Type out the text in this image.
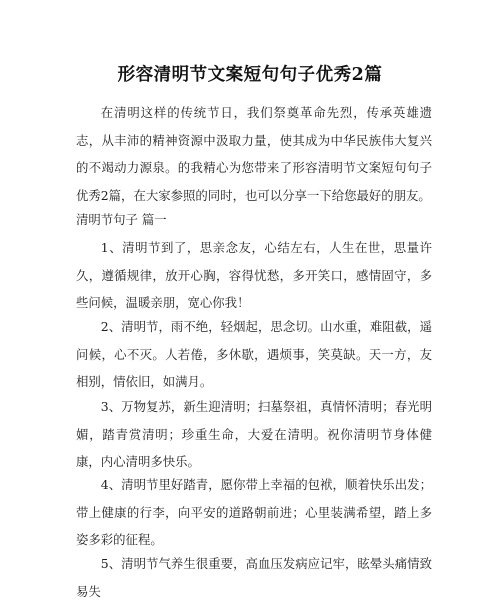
形容清明节文案短句句子优秀2篇

在清明这样的传统节日，我们祭奠革命先烈，传承英雄遗志，从丰沛的精神资源中汲取力量，使其成为中华民族伟大复兴的不竭动力源泉。的我精心为您带来了形容清明节文案短句句子优秀2篇，在大家参照的同时，也可以分享一下给您最好的朋友。

清明节句子 篇一

1、清明节到了，思亲念友，心结左右，人生在世，思量许久，遵循规律，放开心胸，容得忧愁，多开笑口，感情固守，多些问候，温暖亲朋，宽心你我！

2、清明节，雨不绝，轻烟起，思念切。山水重，难阻截，遥问候，心不灭。人若倦，多休歇，遇烦事，笑莫缺。天一方，友相别，情依旧，如满月。

3、万物复苏，新生迎清明；扫墓祭祖，真情怀清明；春光明媚，踏青赏清明；珍重生命，大爱在清明。祝你清明节身体健康，内心清明多快乐。

4、清明节里好踏青，愿你带上幸福的包袱，顺着快乐出发；带上健康的行李，向平安的道路朝前进；心里装满希望，踏上多姿多彩的征程。

5、清明节气养生很重要，高血压发病应记牢，眩晕头痛情致易失
